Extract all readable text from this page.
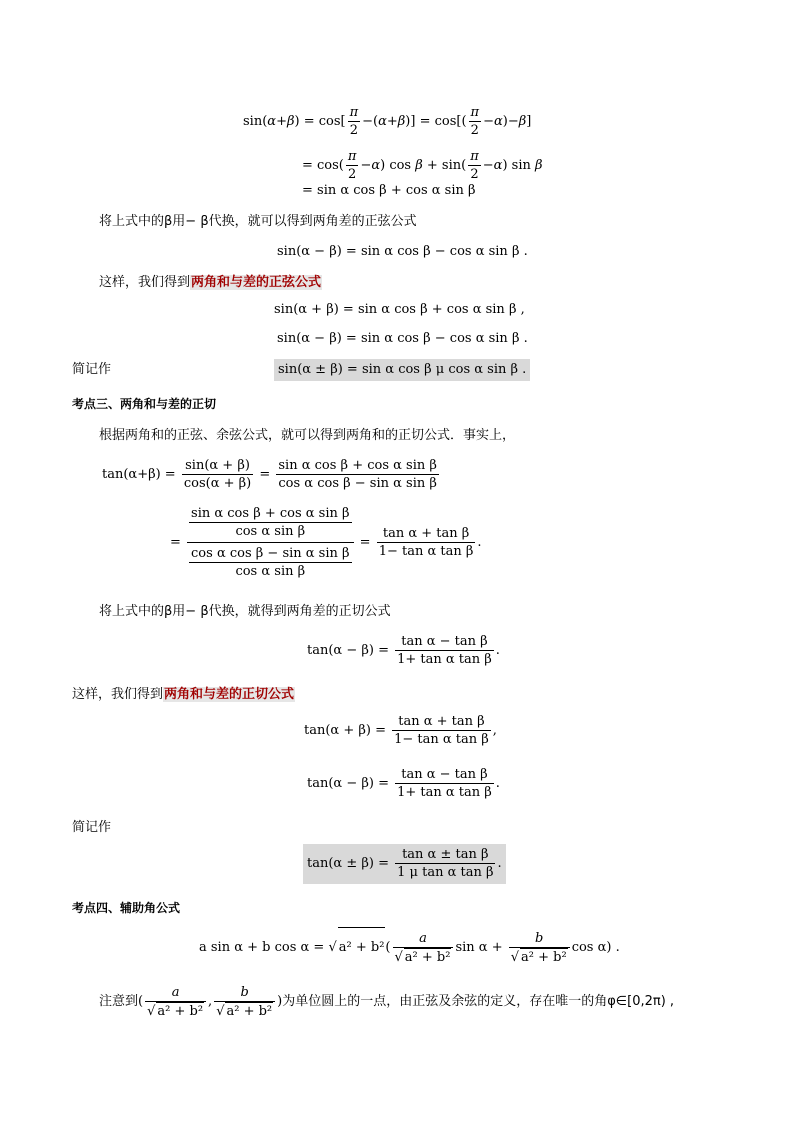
$\sin(\alpha+\beta) = \cos[ \frac{\pi}{2} -(\alpha+\beta)] = \cos[( \frac{\pi}{2} -\alpha)-\beta]$
= $\cos( \frac{\pi}{2} -\alpha)$ $\cos \beta + \sin( \frac{\pi}{2} -\alpha)$ sin β
= sin α cos β + cos α sin β
将上式中的β用− β代换，就可以得到两角差的正弦公式
sin(α − β) = sin α cos β − cos α sin β .
这样，我们得到两角和与差的正弦公式
sin(α + β) = sin α cos β + cos α sin β ,
sin(α − β) = sin α cos β − cos α sin β .
简记作	sin(α ± β) = sin α cos β μ cos α sin β .
考点三、两角和与差的正切
根据两角和的正弦、余弦公式，就可以得到两角和的正切公式．事实上，
$\tan(\alpha+\beta) = \frac{\sin(\alpha + \beta)}{\cos(\alpha + \beta)} = \frac{\text{sin α cos β + cos α sin β}}{\text{cos α cos β − sin α sin β}}$
= $\frac{\frac{\text{sin α cos β + cos α sin β}}{\text{cos α sin β}}}{\frac{\text{cos α cos β − sin α sin β}}{\text{cos α sin β}}} = \frac{\text{tan α + tan β}}{\text{1− tan α tan β}}$ .
将上式中的β用− β代换，就得到两角差的正切公式
$\tan(\alpha - \beta) = \frac{\text{tan α − tan β}}{\text{1+ tan α tan β}}$ .
这样，我们得到两角和与差的正切公式
$\tan(\alpha + \beta) = \frac{\text{tan α + tan β}}{\text{1− tan α tan β}}$ ,
$\tan(\alpha - \beta) = \frac{\text{tan α − tan β}}{\text{1+ tan α tan β}}$ .
简记作
$\tan(\alpha \pm \beta) = \frac{\text{tan α ± tan β}}{\text{1 μ tan α tan β}}$ .
考点四、辅助角公式
a sin α + b cos α = √ $a^2 + b^2( \frac{a}{\text{√ a² + b²}}$ $\sin \alpha + \frac{b}{\text{√ a² + b²}}$ cos α) .
注意到( $\frac{a}{\text{√ a² + b²}}$ , $\frac{b}{\text{√ a² + b²}}$ )为单位圆上的一点，由正弦及余弦的定义，存在唯一的角φ∈[0,2π) ,
